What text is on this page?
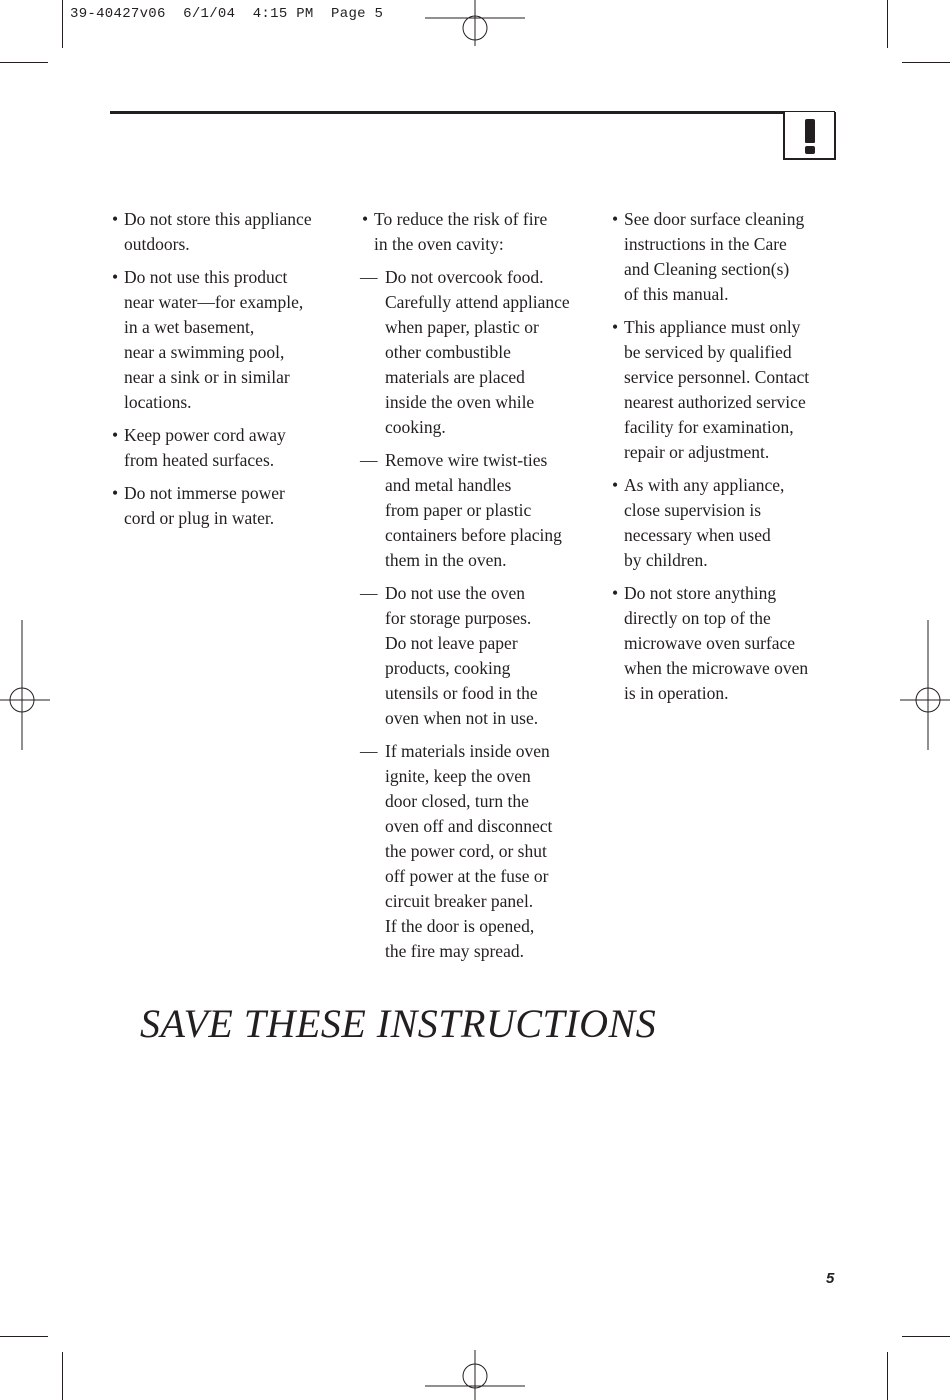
39-40427v06  6/1/04  4:15 PM  Page 5
• Do not store this appliance
outdoors.
• Do not use this product
near water—for example,
in a wet basement,
near a swimming pool,
near a sink or in similar
locations.
• Keep power cord away
from heated surfaces.
• Do not immerse power
cord or plug in water.
• To reduce the risk of fire
in the oven cavity:
— Do not overcook food.
Carefully attend appliance
when paper, plastic or
other combustible
materials are placed
inside the oven while
cooking.
— Remove wire twist-ties
and metal handles
from paper or plastic
containers before placing
them in the oven.
— Do not use the oven
for storage purposes.
Do not leave paper
products, cooking
utensils or food in the
oven when not in use.
— If materials inside oven
ignite, keep the oven
door closed, turn the
oven off and disconnect
the power cord, or shut
off power at the fuse or
circuit breaker panel.
If the door is opened,
the fire may spread.
• See door surface cleaning
instructions in the Care
and Cleaning section(s)
of this manual.
• This appliance must only
be serviced by qualified
service personnel. Contact
nearest authorized service
facility for examination,
repair or adjustment.
• As with any appliance,
close supervision is
necessary when used
by children.
• Do not store anything
directly on top of the
microwave oven surface
when the microwave oven
is in operation.
SAVE THESE INSTRUCTIONS
5
